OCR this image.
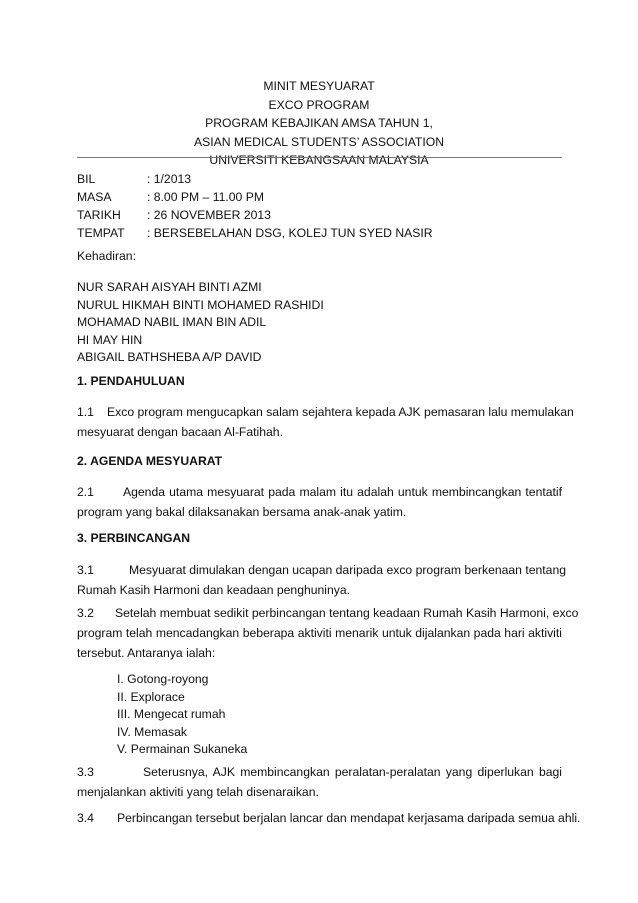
MINIT MESYUARAT
EXCO PROGRAM
PROGRAM KEBAJIKAN AMSA TAHUN 1,
ASIAN MEDICAL STUDENTS’ ASSOCIATION
UNIVERSITI KEBANGSAAN MALAYSIA
BIL	: 1/2013
MASA	: 8.00 PM – 11.00 PM
TARIKH : 26 NOVEMBER 2013
TEMPAT : BERSEBELAHAN DSG, KOLEJ TUN SYED NASIR
Kehadiran:
NUR SARAH AISYAH BINTI AZMI
NURUL HIKMAH BINTI MOHAMED RASHIDI
MOHAMAD NABIL IMAN BIN ADIL
HI MAY HIN
ABIGAIL BATHSHEBA A/P DAVID
1. PENDAHULUAN
1.1 Exco program mengucapkan salam sejahtera kepada AJK pemasaran lalu memulakan
mesyuarat dengan bacaan Al-Fatihah.
2. AGENDA MESYUARAT
2.1 Agenda utama mesyuarat pada malam itu adalah untuk membincangkan tentatif
program yang bakal dilaksanakan bersama anak-anak yatim.
3. PERBINCANGAN
3.1	Mesyuarat dimulakan dengan ucapan daripada exco program berkenaan tentang
Rumah Kasih Harmoni dan keadaan penghuninya.
3.2 Setelah membuat sedikit perbincangan tentang keadaan Rumah Kasih Harmoni, exco
program telah mencadangkan beberapa aktiviti menarik untuk dijalankan pada hari aktiviti
tersebut. Antaranya ialah:
I. Gotong-royong
II. Explorace
III. Mengecat rumah
IV. Memasak
V. Permainan Sukaneka
3.3	Seterusnya, AJK membincangkan peralatan-peralatan yang diperlukan bagi
menjalankan aktiviti yang telah disenaraikan.
3.4 Perbincangan tersebut berjalan lancar dan mendapat kerjasama daripada semua ahli.
